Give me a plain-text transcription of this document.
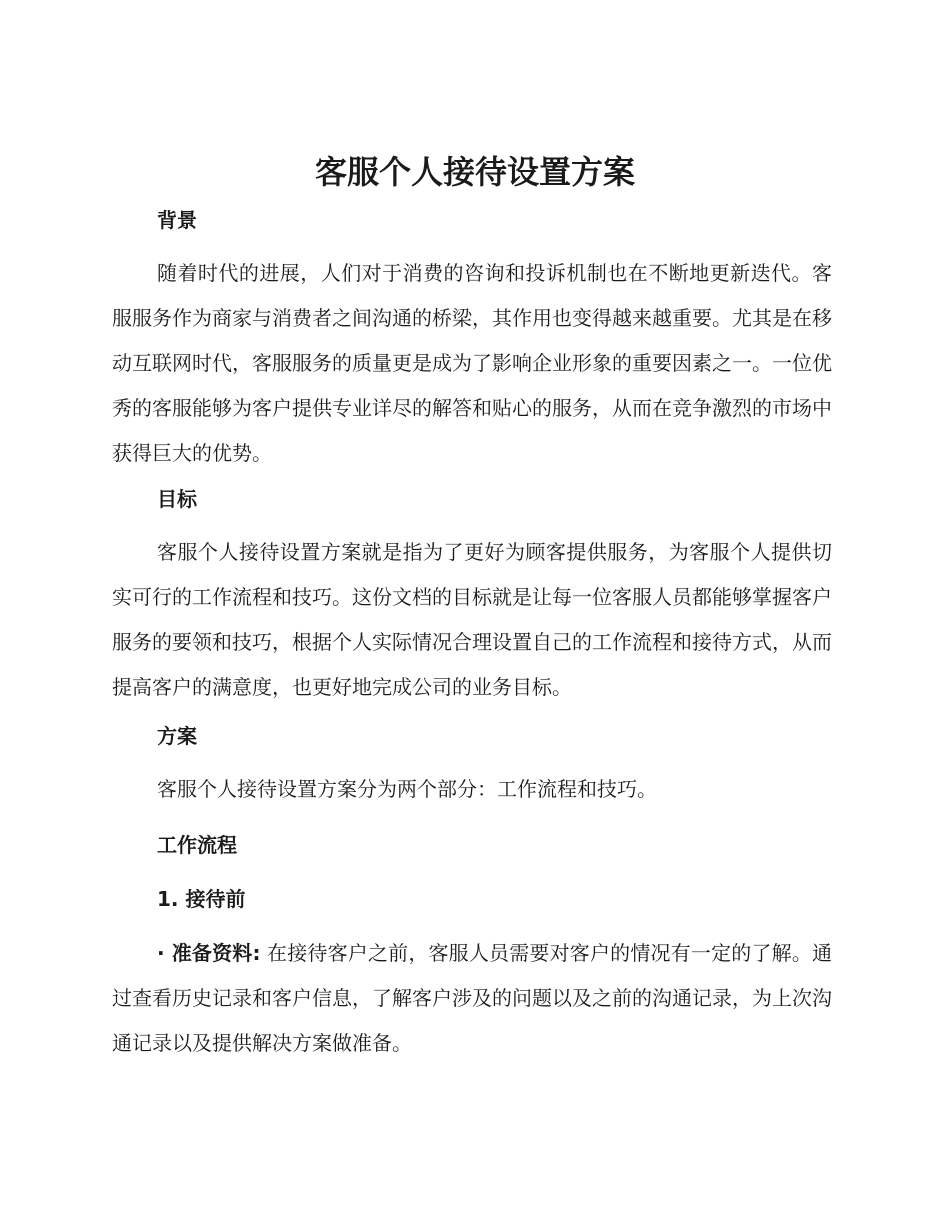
客服个人接待设置方案
背景

随着时代的进展，人们对于消费的咨询和投诉机制也在不断地更新迭代。客服服务作为商家与消费者之间沟通的桥梁，其作用也变得越来越重要。尤其是在移动互联网时代，客服服务的质量更是成为了影响企业形象的重要因素之一。一位优秀的客服能够为客户提供专业详尽的解答和贴心的服务，从而在竞争激烈的市场中获得巨大的优势。

目标

客服个人接待设置方案就是指为了更好为顾客提供服务，为客服个人提供切实可行的工作流程和技巧。这份文档的目标就是让每一位客服人员都能够掌握客户服务的要领和技巧，根据个人实际情况合理设置自己的工作流程和接待方式，从而提高客户的满意度，也更好地完成公司的业务目标。

方案

客服个人接待设置方案分为两个部分：工作流程和技巧。

工作流程
1. 接待前

· 准备资料: 在接待客户之前，客服人员需要对客户的情况有一定的了解。通过查看历史记录和客户信息，了解客户涉及的问题以及之前的沟通记录，为上次沟通记录以及提供解决方案做准备。
